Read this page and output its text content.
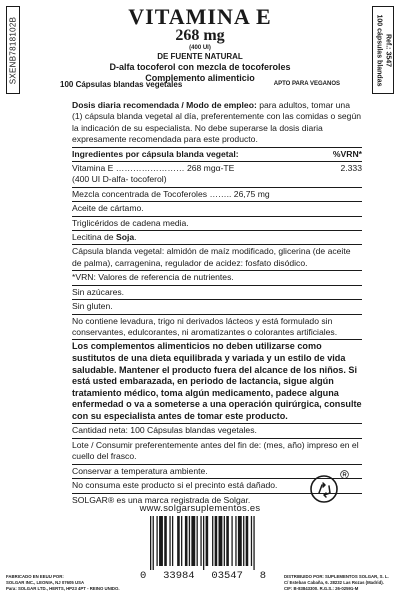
SXENB7818102B	VITAMINA E
268 mg
(400 UI)
DE FUENTE NATURAL
D-alfa tocoferol con mezcla de tocoferoles
Complemento alimenticio
100 Cápsulas blandas vegetales	APTO PARA VEGANOS
Ref.: 3547
100 cápsulas blandas

Dosis diaria recomendada / Modo de empleo: para adultos, tomar una (1) cápsula blanda vegetal al día, preferentemente con las comidas o según la indicación de su especialista. No debe superarse la dosis diaria expresamente recomendada para este producto.

Ingredientes por cápsula blanda vegetal:	%VRN*
Vitamina E …………………… 268 mgα-TE	2.333

(400 UI D-alfa- tocoferol)

Mezcla concentrada de Tocoferoles …….. 26,75 mg

Aceite de cártamo.

Triglicéridos de cadena media.

Lecitina de Soja.

Cápsula blanda vegetal: almidón de maíz modificado, glicerina (de aceite de palma), carragenina, regulador de acidez: fosfato disódico.

*VRN: Valores de referencia de nutrientes.

Sin azúcares.

Sin gluten.

No contiene levadura, trigo ni derivados lácteos y está formulado sin conservantes, edulcorantes, ni aromatizantes o colorantes artificiales.

Los complementos alimenticios no deben utilizarse como sustitutos de una dieta equilibrada y variada y un estilo de vida saludable. Mantener el producto fuera del alcance de los niños. Si está usted embarazada, en periodo de lactancia, sigue algún tratamiento médico, toma algún medicamento, padece alguna enfermedad o va a someterse a una operación quirúrgica, consulte con su especialista antes de tomar este producto.

Cantidad neta: 100 Cápsulas blandas vegetales.

Lote / Consumir preferentemente antes del fin de: (mes, año) impreso en el cuello del frasco.

Conservar a temperatura ambiente.

No consuma este producto si el precinto está dañado.

SOLGAR® es una marca registrada de Solgar.

www.solgarsuplementos.es
0 33984 03547 8
FABRICADO EN EEUU POR:
SOLGAR INC., LEONIA, NJ 07605 USA
Para: SOLGAR LTD., HERTS, HP23 4PT - REINO UNIDO.
DISTRIBUIDO POR: SUPLEMENTOS SOLGAR, S. L.
C/ Esteban Cabaña, 6. 28232 Las Rozas (Madrid).
CIF: B-83843300. R.G.S.: 26-02591-M
